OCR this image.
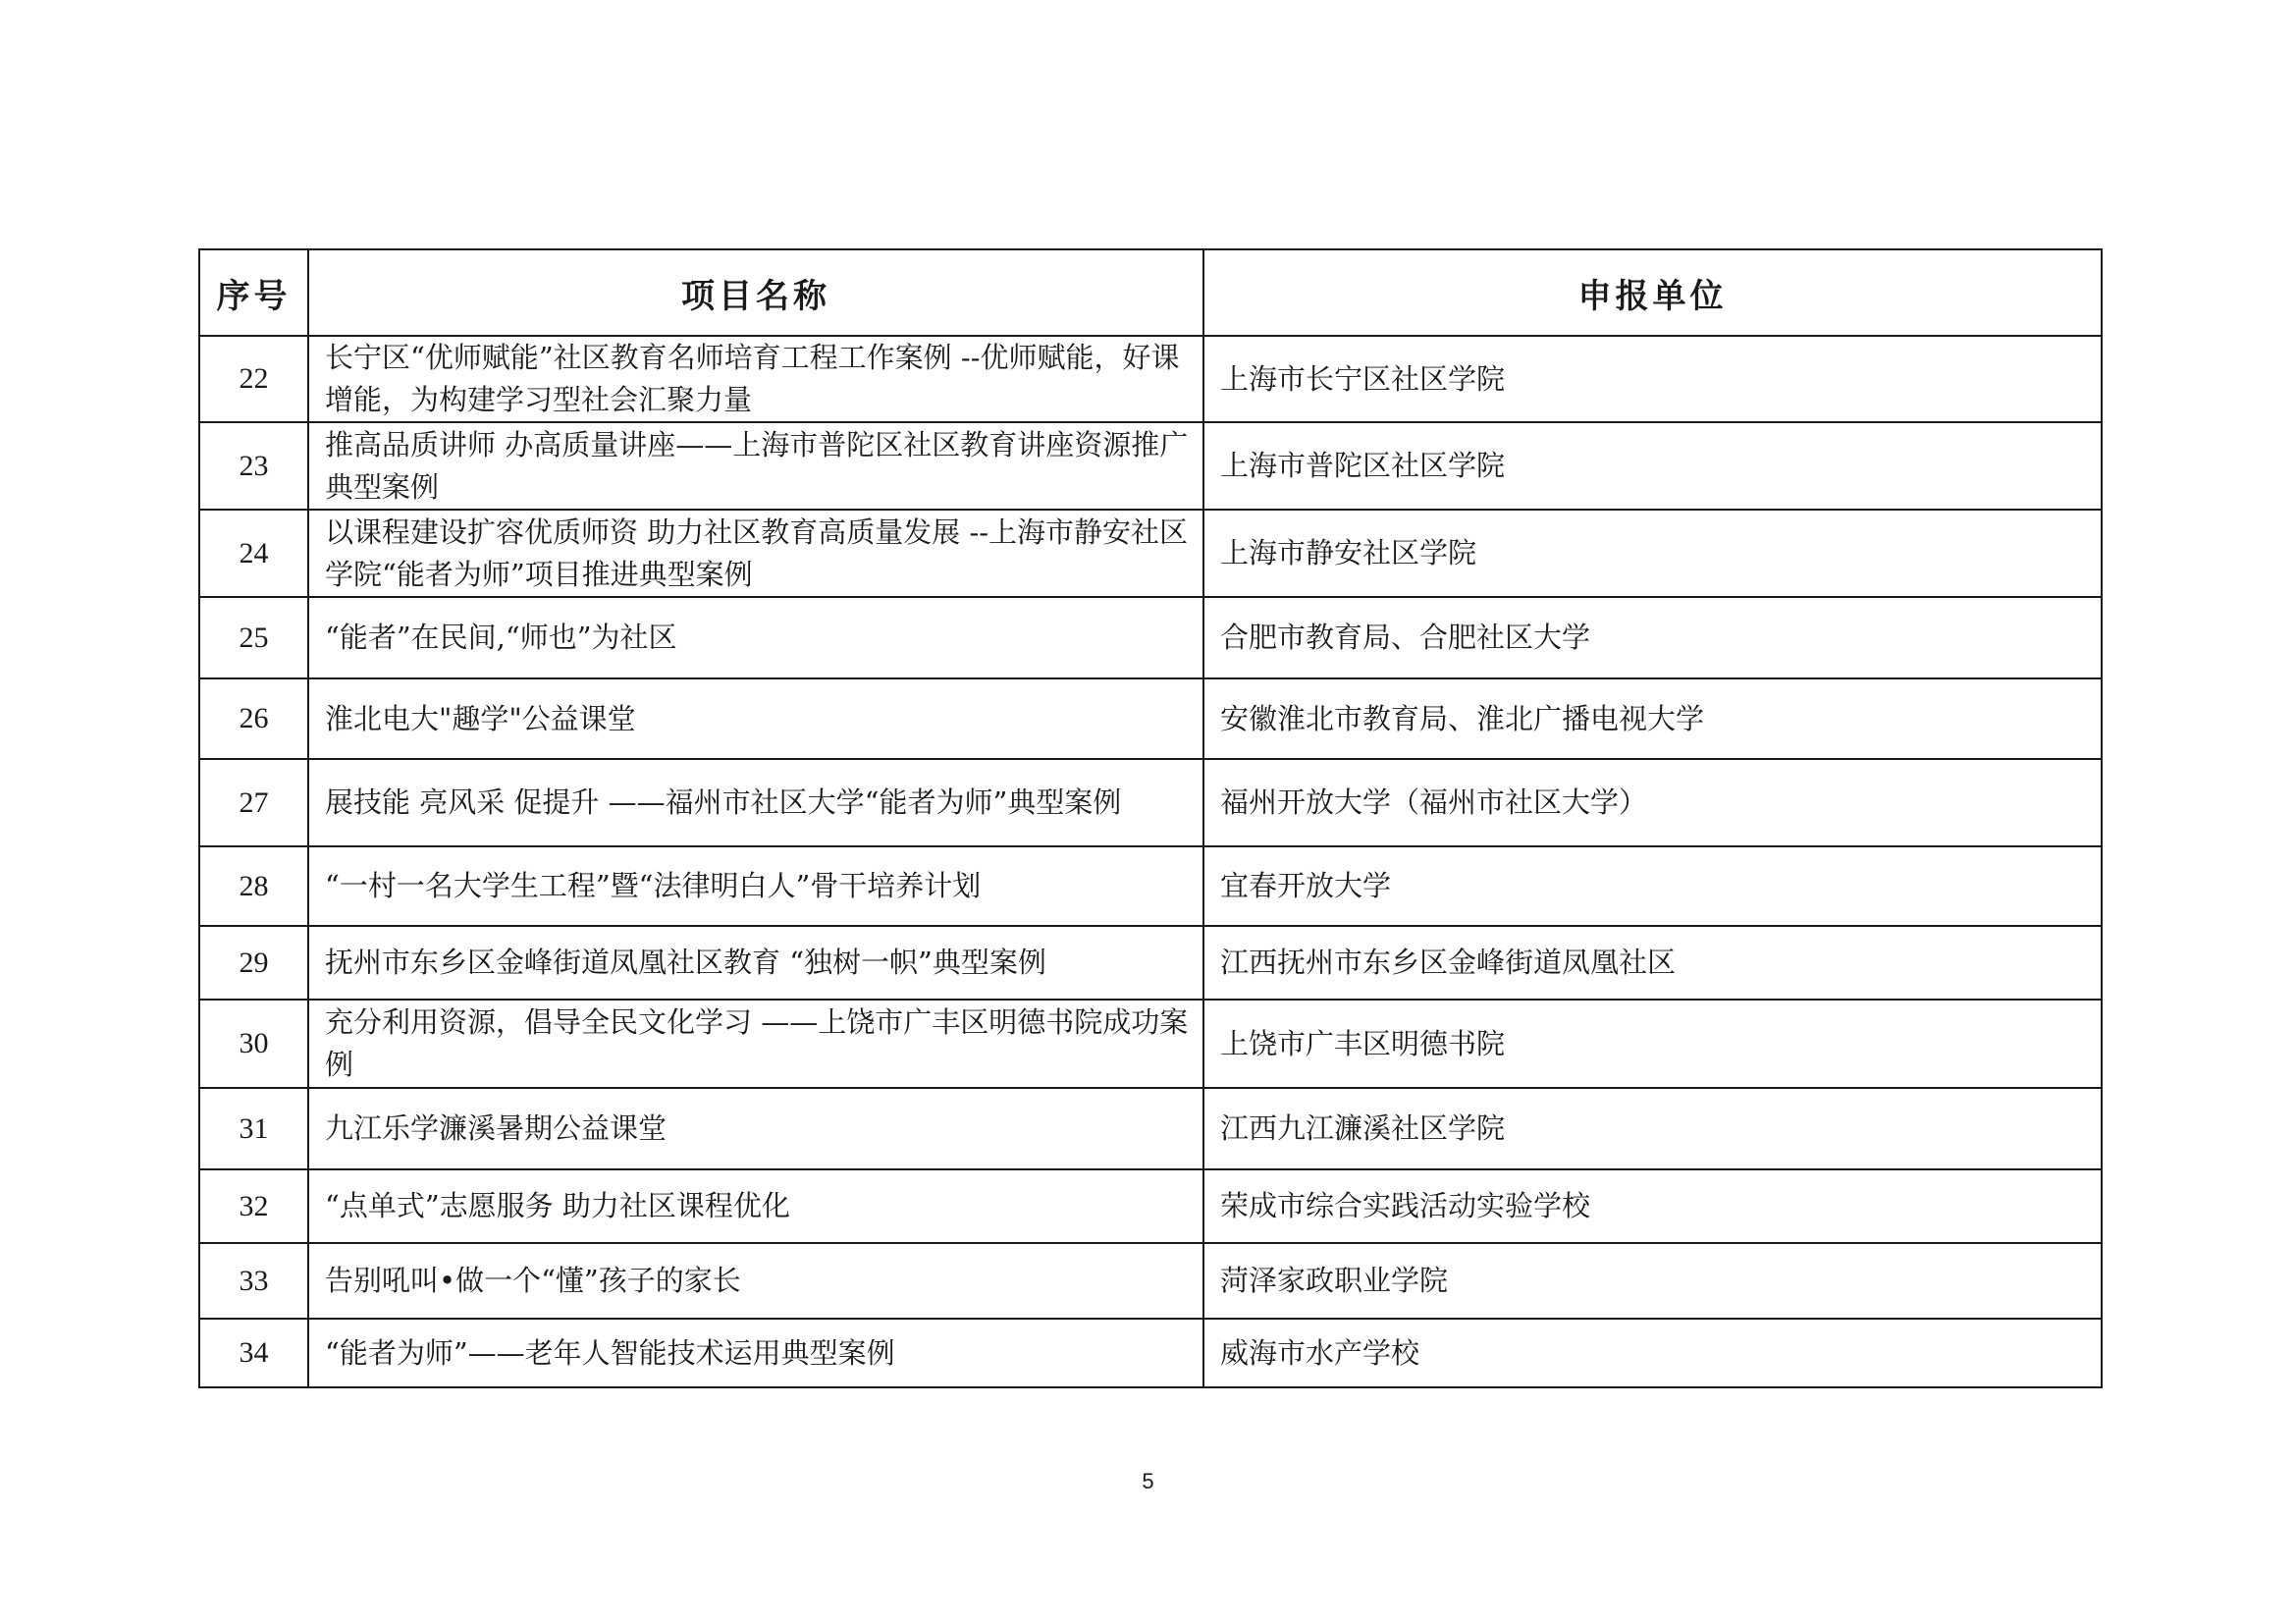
序号	项目名称	申报单位
22	长宁区“优师赋能”社区教育名师培育工程工作案例 --优师赋能，好课增能，为构建学习型社会汇聚力量	上海市长宁区社区学院
23	推高品质讲师 办高质量讲座——上海市普陀区社区教育讲座资源推广典型案例	上海市普陀区社区学院
24	以课程建设扩容优质师资 助力社区教育高质量发展 --上海市静安社区学院“能者为师”项目推进典型案例	上海市静安社区学院
25	“能者”在民间,“师也”为社区	合肥市教育局、合肥社区大学
26	淮北电大"趣学"公益课堂	安徽淮北市教育局、淮北广播电视大学
27	展技能 亮风采 促提升 ——福州市社区大学“能者为师”典型案例	福州开放大学（福州市社区大学）
28	“一村一名大学生工程”暨“法律明白人”骨干培养计划	宜春开放大学
29	抚州市东乡区金峰街道凤凰社区教育 “独树一帜”典型案例	江西抚州市东乡区金峰街道凤凰社区
30	充分利用资源，倡导全民文化学习 ——上饶市广丰区明德书院成功案例	上饶市广丰区明德书院
31	九江乐学濂溪暑期公益课堂	江西九江濂溪社区学院
32	“点单式”志愿服务 助力社区课程优化	荣成市综合实践活动实验学校
33	告别吼叫•做一个“懂”孩子的家长	菏泽家政职业学院
34	“能者为师”——老年人智能技术运用典型案例	威海市水产学校
5
